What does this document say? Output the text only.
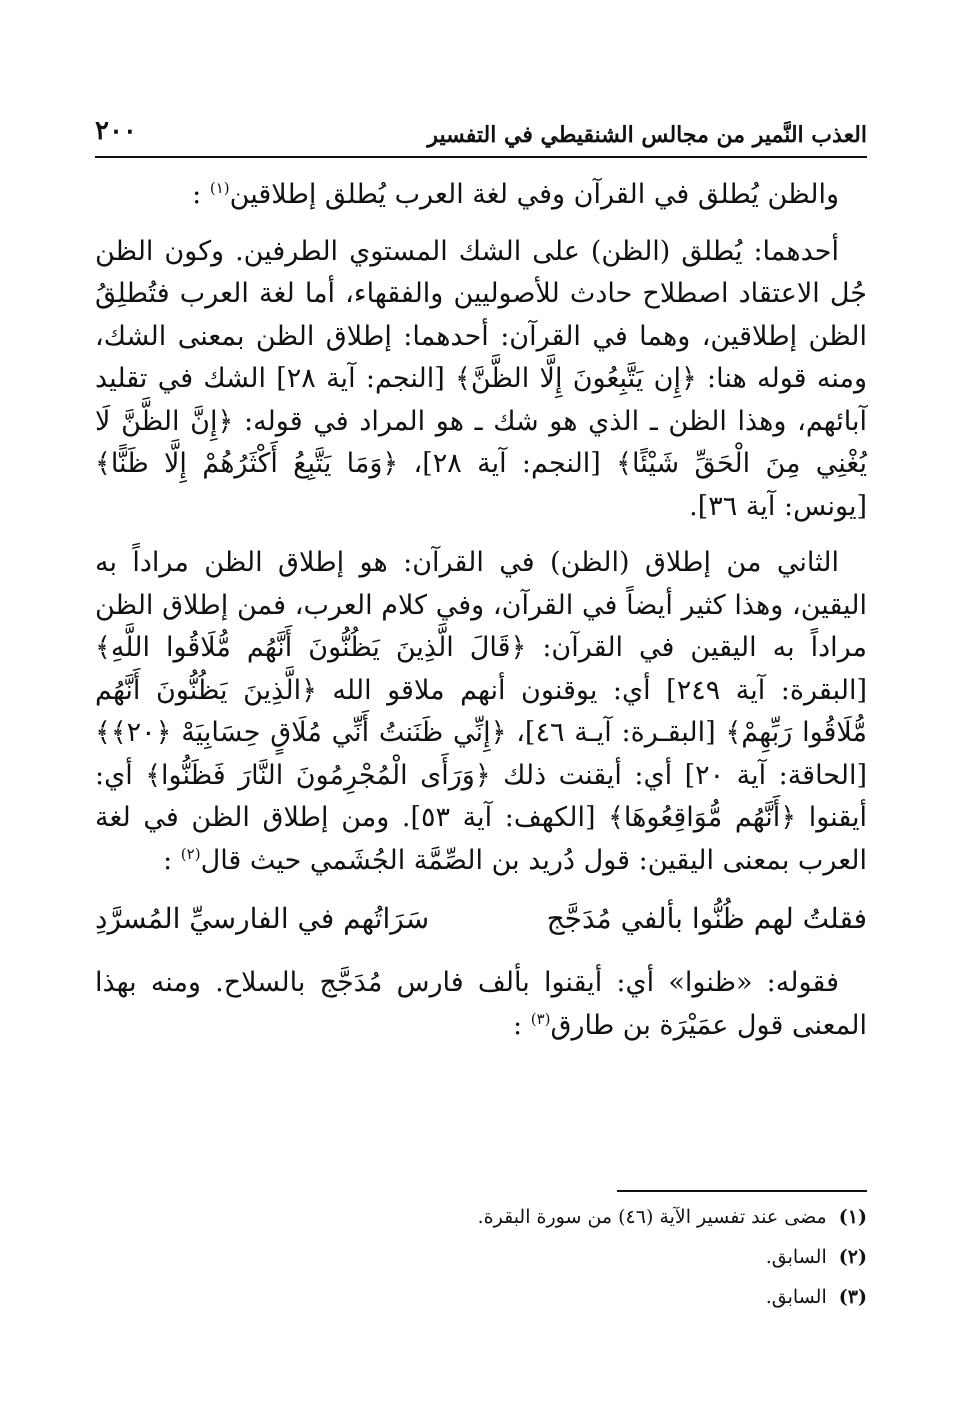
العذب النَّمير من مجالس الشنقيطي في التفسير
٢٠٠

والظن يُطلق في القرآن وفي لغة العرب يُطلق إطلاقين$^{(١)}$ :

أحدهما: يُطلق (الظن) على الشك المستوي الطرفين. وكون الظن جُل الاعتقاد اصطلاح حادث للأصوليين والفقهاء، أما لغة العرب فتُطلِقُ الظن إطلاقين، وهما في القرآن: أحدهما: إطلاق الظن بمعنى الشك، ومنه قوله هنا: ﴿إِن يَتَّبِعُونَ إِلَّا الظَّنَّ﴾ [النجم: آية ٢٨] الشك في تقليد آبائهم، وهذا الظن ـ الذي هو شك ـ هو المراد في قوله: ﴿إِنَّ الظَّنَّ لَا يُغْنِي مِنَ الْحَقِّ شَيْئًا﴾ [النجم: آية ٢٨]، ﴿وَمَا يَتَّبِعُ أَكْثَرُهُمْ إِلَّا ظَنًّا﴾ [يونس: آية ٣٦].

الثاني من إطلاق (الظن) في القرآن: هو إطلاق الظن مراداً به اليقين، وهذا كثير أيضاً في القرآن، وفي كلام العرب، فمن إطلاق الظن مراداً به اليقين في القرآن: ﴿قَالَ الَّذِينَ يَظُنُّونَ أَنَّهُم مُّلَاقُوا اللَّهِ﴾ [البقرة: آية ٢٤٩] أي: يوقنون أنهم ملاقو الله ﴿الَّذِينَ يَظُنُّونَ أَنَّهُم مُّلَاقُوا رَبِّهِمْ﴾ [البقـرة: آيـة ٤٦]، ﴿إِنِّي ظَنَنتُ أَنِّي مُلَاقٍ حِسَابِيَهْ ﴿٢٠﴾﴾ [الحاقة: آية ٢٠] أي: أيقنت ذلك ﴿وَرَأَى الْمُجْرِمُونَ النَّارَ فَظَنُّوا﴾ أي: أيقنوا ﴿أَنَّهُم مُّوَاقِعُوهَا﴾ [الكهف: آية ٥٣]. ومن إطلاق الظن في لغة العرب بمعنى اليقين: قول دُريد بن الصِّمَّة الجُشَمي حيث قال$^{(٢)}$ :

فقلتُ لهم ظُنُّوا بألفي مُدَجَّج
سَرَاتُهم في الفارسيِّ المُسرَّدِ

فقوله: «ظنوا» أي: أيقنوا بألف فارس مُدَجَّج بالسلاح. ومنه بهذا المعنى قول عمَيْرَة بن طارق$^{(٣)}$ :

(١) مضى عند تفسير الآية (٤٦) من سورة البقرة.

(٢) السابق.

(٣) السابق.
